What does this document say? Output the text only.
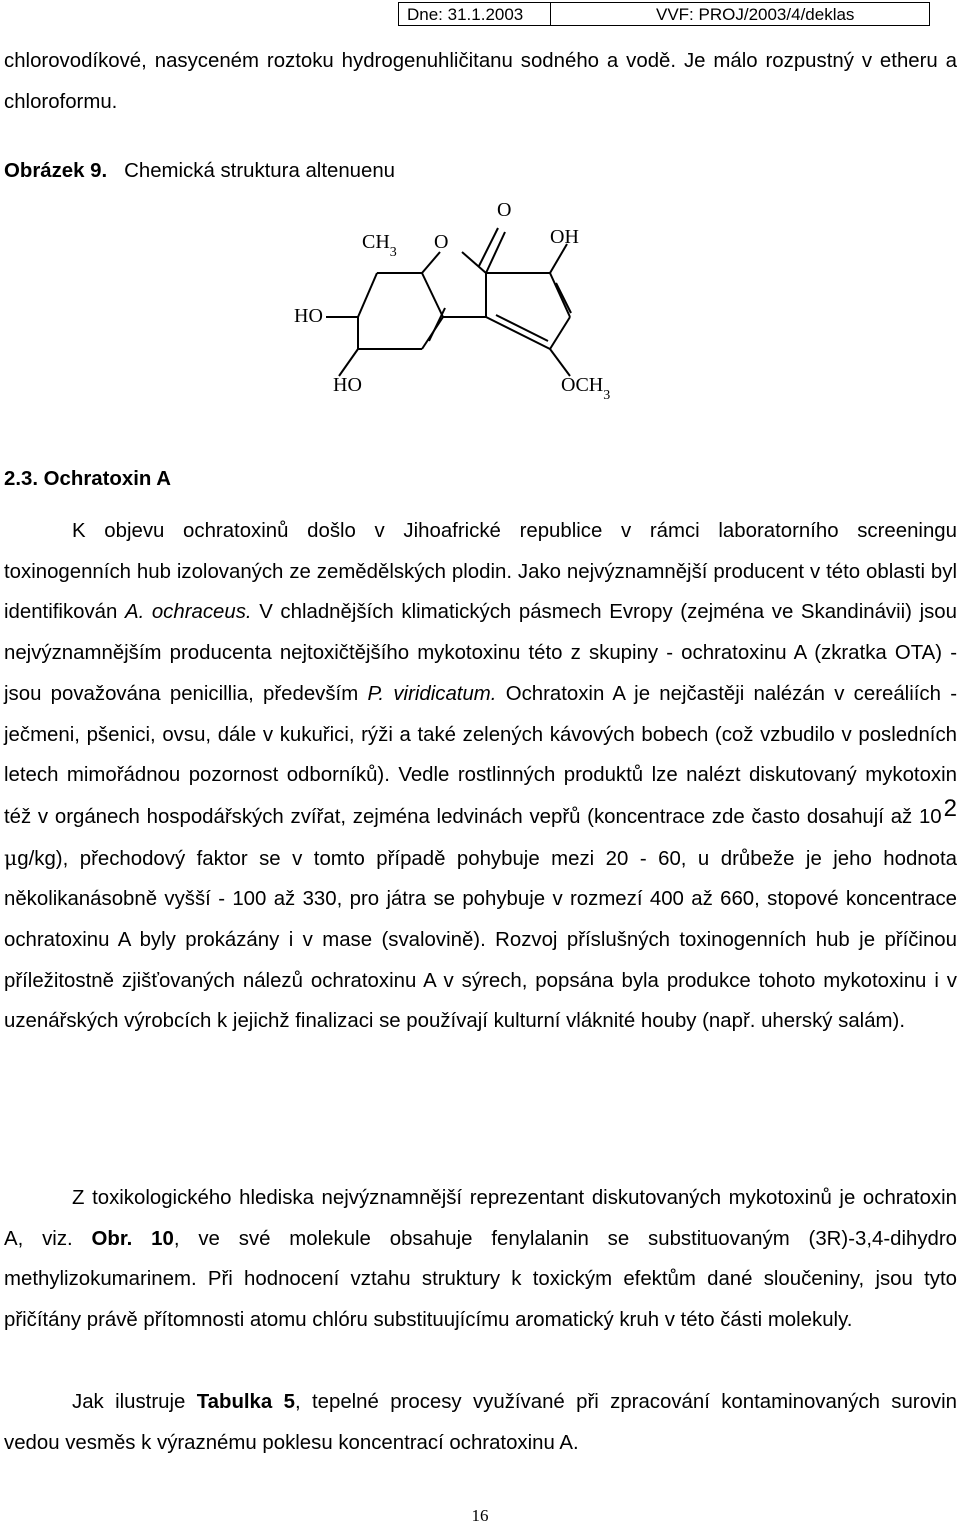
Dne: 31.1.2003	VVF: PROJ/2003/4/deklas

chlorovodíkové, nasyceném roztoku hydrogenuhličitanu sodného a vodě. Je málo rozpustný v etheru a chloroformu.

Obrázek 9. Chemická struktura altenuenu

O
$CH_3$ O	OH
HO
HO	$OCH_3$
2.3. Ochratoxin A

K objevu ochratoxinů došlo v Jihoafrické republice v rámci laboratorního screeningu toxinogenních hub izolovaných ze zemědělských plodin. Jako nejvýznamnější producent v této oblasti byl identifikován A. ochraceus. V chladnějších klimatických pásmech Evropy (zejména ve Skandinávii) jsou nejvýznamnějším producenta nejtoxičtějšího mykotoxinu této z skupiny - ochratoxinu A (zkratka OTA) - jsou považována penicillia, především P. viridicatum. Ochratoxin A je nejčastěji nalézán v cereáliích - ječmeni, pšenici, ovsu, dále v kukuřici, rýži a také zelených kávových bobech (což vzbudilo v posledních letech mimořádnou pozornost odborníků). Vedle rostlinných produktů lze nalézt diskutovaný mykotoxin též v orgánech hospodářských zvířat, zejména ledvinách vepřů (koncentrace zde často dosahují až 102 μg/kg), přechodový faktor se v tomto případě pohybuje mezi 20 - 60, u drůbeže je jeho hodnota několikanásobně vyšší - 100 až 330, pro játra se pohybuje v rozmezí 400 až 660, stopové koncentrace ochratoxinu A byly prokázány i v mase (svalovině). Rozvoj příslušných toxinogenních hub je příčinou příležitostně zjišťovaných nálezů ochratoxinu A v sýrech, popsána byla produkce tohoto mykotoxinu i v uzenářských výrobcích k jejichž finalizaci se používají kulturní vláknité houby (např. uherský salám).

Z toxikologického hlediska nejvýznamnější reprezentant diskutovaných mykotoxinů je ochratoxin A, viz. Obr. 10, ve své molekule obsahuje fenylalanin se substituovaným (3R)-3,4-dihydro methylizokumarinem. Při hodnocení vztahu struktury k toxickým efektům dané sloučeniny, jsou tyto přičítány právě přítomnosti atomu chlóru substituujícímu aromatický kruh v této části molekuly.

Jak ilustruje Tabulka 5, tepelné procesy využívané při zpracování kontaminovaných surovin vedou vesměs k výraznému poklesu koncentrací ochratoxinu A.

16
